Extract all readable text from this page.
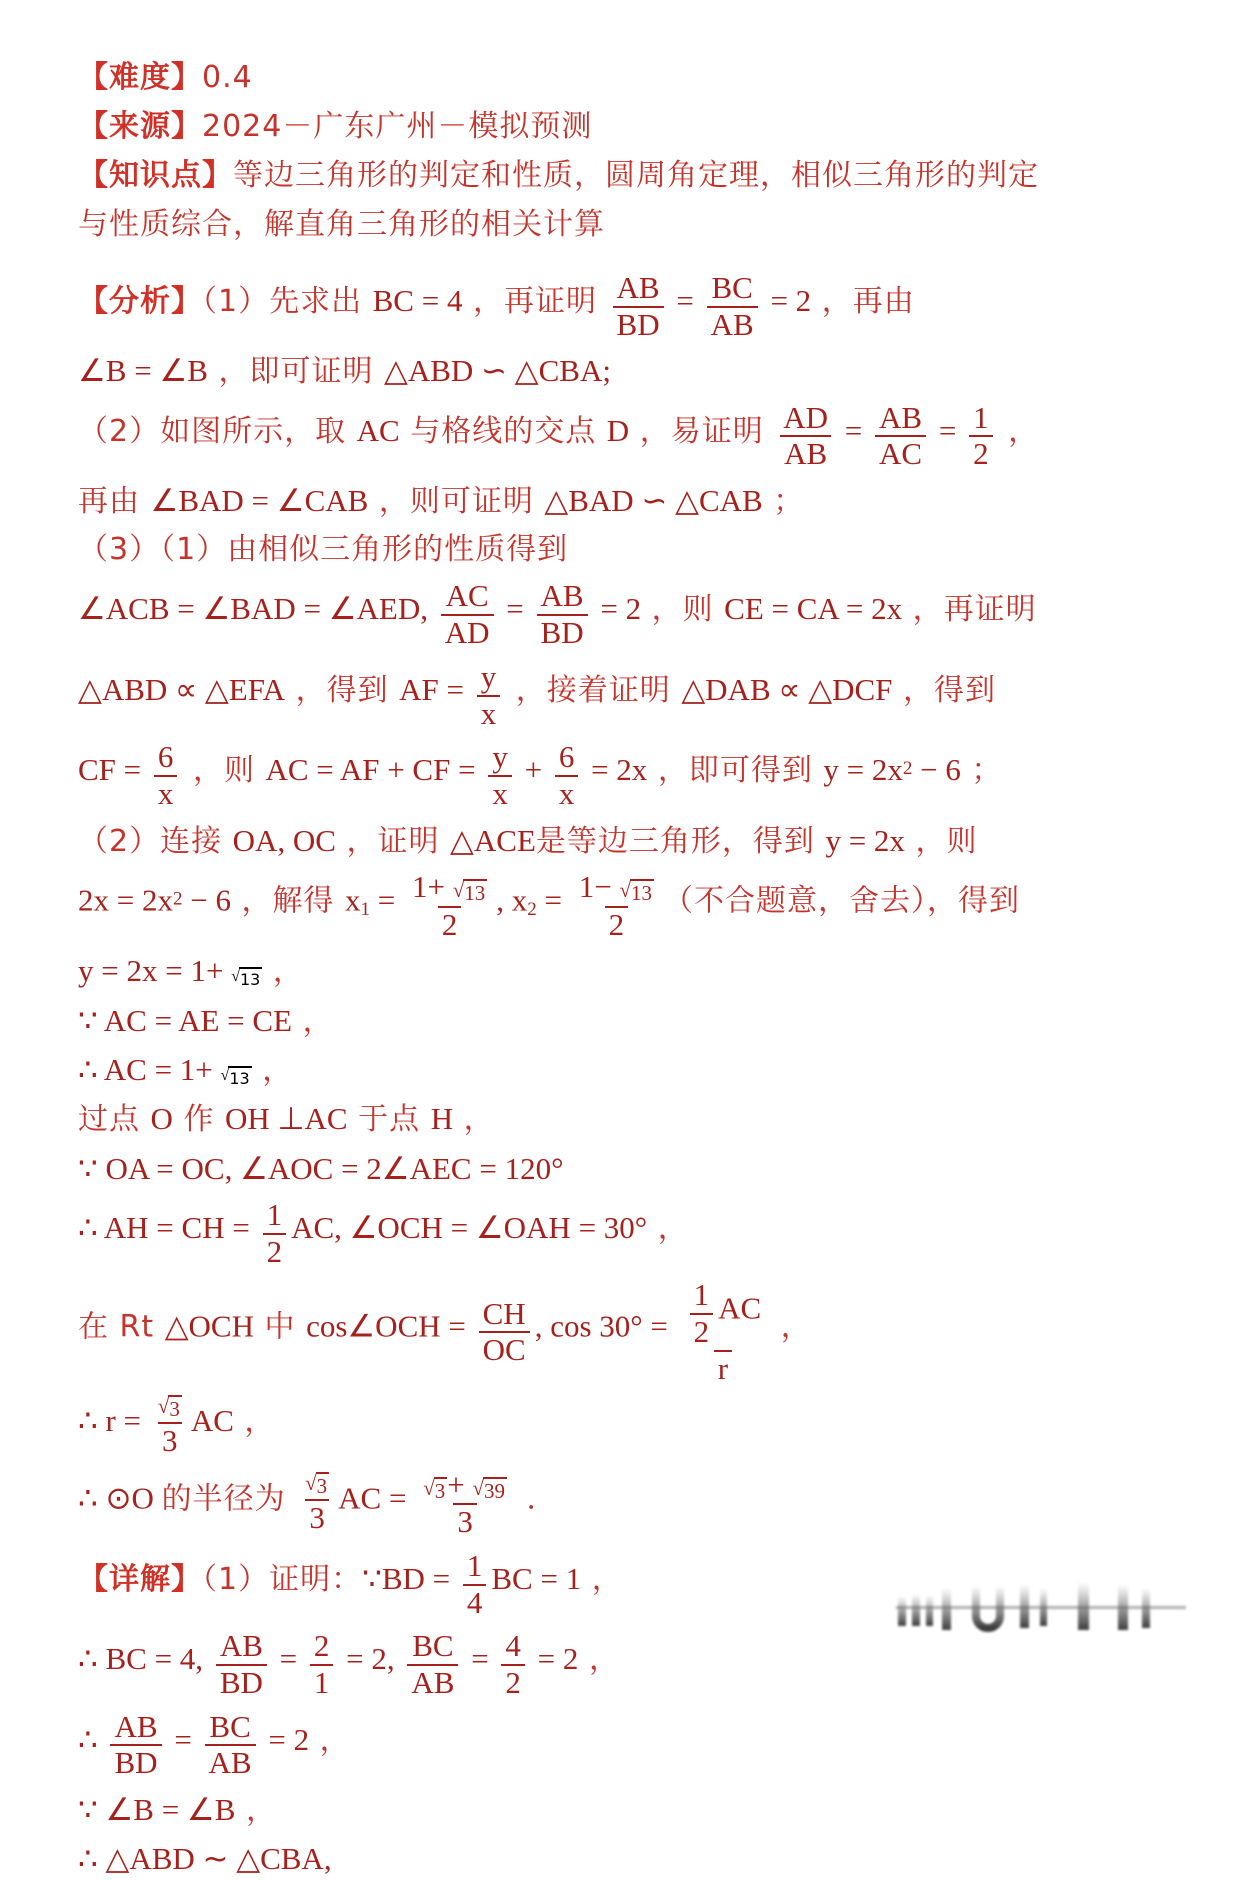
【难度】0.4
【来源】2024－广东广州－模拟预测
【知识点】等边三角形的判定和性质，圆周角定理，相似三角形的判定
与性质综合，解直角三角形的相关计算
【分析】（1）先求出 BC = 4 ，再证明 $\frac{AB}{BD} = \frac{BC}{AB} = 2$ ，再由
∠B = ∠B ，即可证明 △ABD ∽ △CBA;
（2）如图所示，取 AC 与格线的交点 D ，易证明 $\frac{AD}{AB} = \frac{AB}{AC} = \frac{1}{2}$ ，
再由 ∠BAD = ∠CAB ，则可证明 △BAD ∽ △CAB ；
（3）（1）由相似三角形的性质得到
∠ACB = ∠BAD = ∠AED, $\frac{AC}{AD} = \frac{AB}{BD} = 2$ ，则 CE = CA = 2x ，再证明
△ABD ∝ △EFA ，得到 AF = $\frac{y}{x}$ ，接着证明 △DAB ∝ △DCF ，得到
CF = $\frac{6}{x}$ ，则 AC = AF + CF = $\frac{y}{x} + \frac{6}{x} = 2x$ ，即可得到 y = 2x2 − 6 ；
（2）连接 OA, OC ，证明 △ACE是等边三角形，得到 y = 2x ，则
2x = 2x2 − 6 ，解得 $x1 = \frac{1+ √ 13}{2}$ , $x2 = \frac{1- √ 13}{2}$ （不合题意，舍去），得到
y = 2x = 1+ √ 13 ，
∵ AC = AE = CE ，
∴ AC = 1+ √ 13 ，
过点 O 作 OH ⊥AC 于点 H ，
∵ OA = OC, ∠AOC = 2∠AEC = 120°
∴ AH = CH = $\frac{1}{2}$ AC, ∠OCH = ∠OAH = 30° ，
在 Rt △OCH 中 cos∠OCH = $\frac{CH}{OC}$ , $\cos 30^\circ = \frac{\frac{1}{2} AC}{r}$ ，
∴ $r = \frac{√ 3}{3}$ AC ，
∴ ⊙O 的半径为 $\frac{√ 3}{3}$ AC = $\frac{√ 3 + √ 39}{3}$ ．
【详解】（1）证明：∵BD = $\frac{1}{4}$ BC = 1 ，
∴ BC = 4, $\frac{AB}{BD} = \frac{2}{1} = 2$, $\frac{BC}{AB} = \frac{4}{2} = 2$ ，
∴ $\frac{AB}{BD} = \frac{BC}{AB} = 2$ ，
∵ ∠B = ∠B ，
∴ △ABD ∼ △CBA,
